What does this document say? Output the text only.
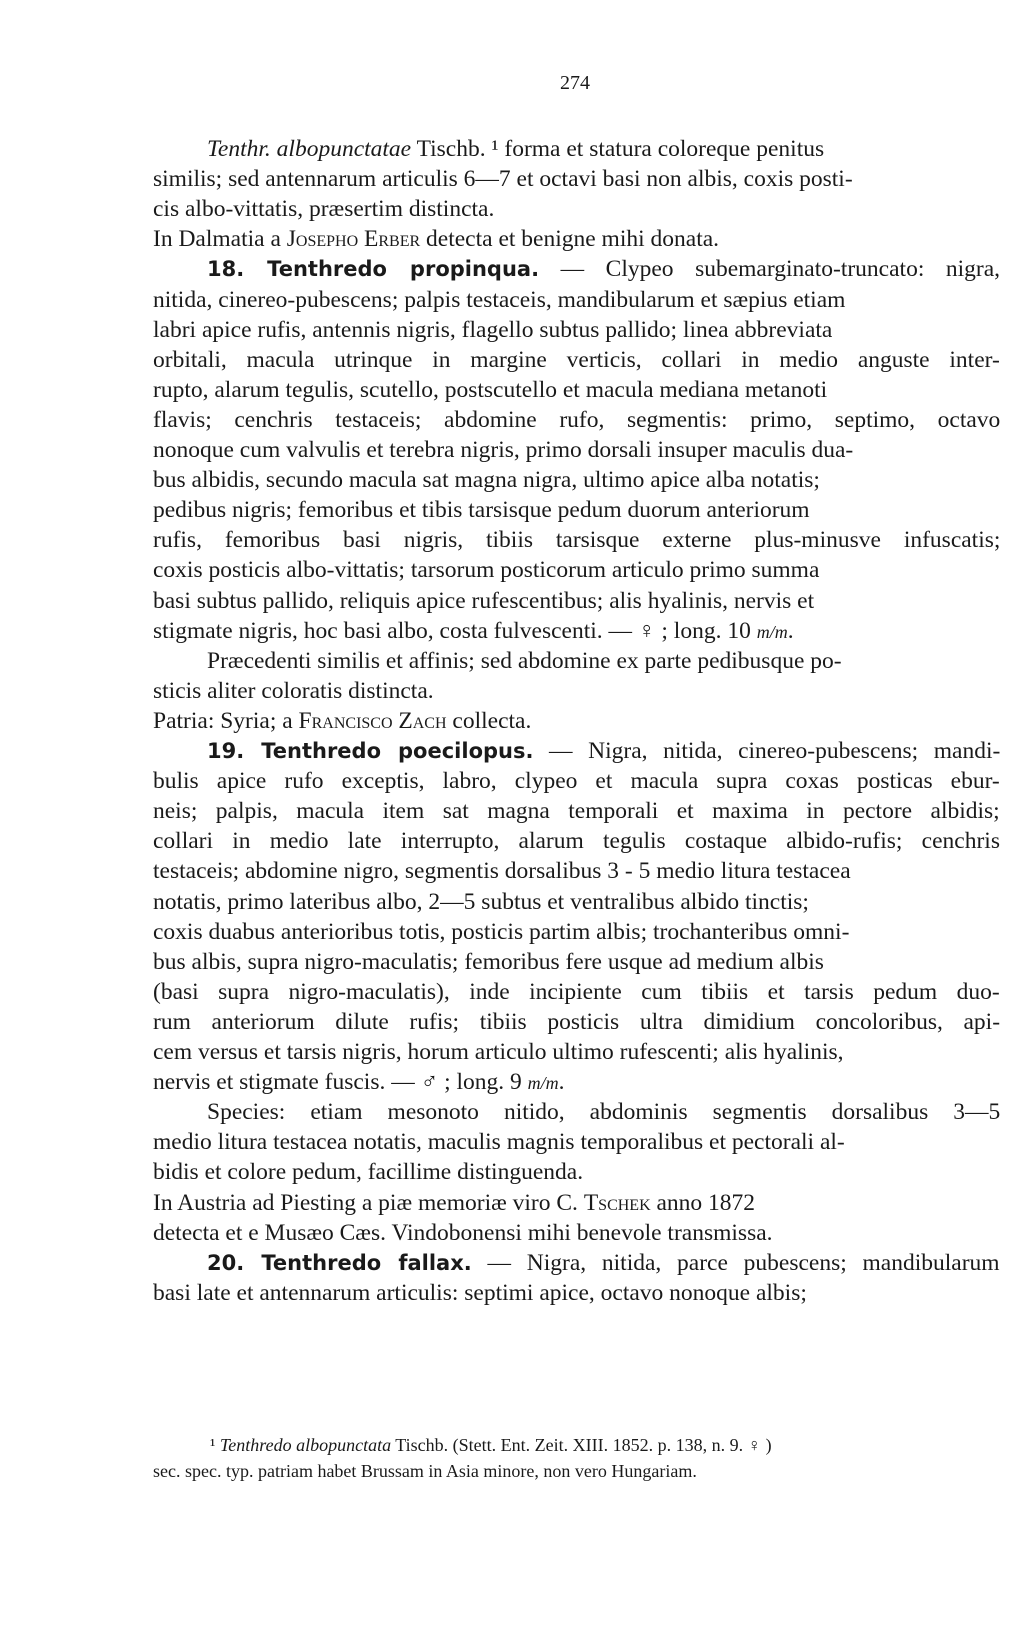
274
Tenthr. albopunctatae Tischb. ¹ forma et statura coloreque penitus
similis; sed antennarum articulis 6—7 et octavi basi non albis, coxis posti-
cis albo-vittatis, præsertim distincta.
In Dalmatia a Josepho Erber detecta et benigne mihi donata.
18. Tenthredo propinqua. — Clypeo subemarginato-truncato: nigra,
nitida, cinereo-pubescens; palpis testaceis, mandibularum et sæpius etiam
labri apice rufis, antennis nigris, flagello subtus pallido; linea abbreviata
orbitali, macula utrinque in margine verticis, collari in medio anguste inter-
rupto, alarum tegulis, scutello, postscutello et macula mediana metanoti
flavis; cenchris testaceis; abdomine rufo, segmentis: primo, septimo, octavo
nonoque cum valvulis et terebra nigris, primo dorsali insuper maculis dua-
bus albidis, secundo macula sat magna nigra, ultimo apice alba notatis;
pedibus nigris; femoribus et tibis tarsisque pedum duorum anteriorum
rufis, femoribus basi nigris, tibiis tarsisque externe plus-minusve infuscatis;
coxis posticis albo-vittatis; tarsorum posticorum articulo primo summa
basi subtus pallido, reliquis apice rufescentibus; alis hyalinis, nervis et
stigmate nigris, hoc basi albo, costa fulvescenti. — ♀ ; long. 10 m/m.
Præcedenti similis et affinis; sed abdomine ex parte pedibusque po-
sticis aliter coloratis distincta.
Patria: Syria; a Francisco Zach collecta.
19. Tenthredo poecilopus. — Nigra, nitida, cinereo-pubescens; mandi-
bulis apice rufo exceptis, labro, clypeo et macula supra coxas posticas ebur-
neis; palpis, macula item sat magna temporali et maxima in pectore albidis;
collari in medio late interrupto, alarum tegulis costaque albido-rufis; cenchris
testaceis; abdomine nigro, segmentis dorsalibus 3 - 5 medio litura testacea
notatis, primo lateribus albo, 2—5 subtus et ventralibus albido tinctis;
coxis duabus anterioribus totis, posticis partim albis; trochanteribus omni-
bus albis, supra nigro-maculatis; femoribus fere usque ad medium albis
(basi supra nigro-maculatis), inde incipiente cum tibiis et tarsis pedum duo-
rum anteriorum dilute rufis; tibiis posticis ultra dimidium concoloribus, api-
cem versus et tarsis nigris, horum articulo ultimo rufescenti; alis hyalinis,
nervis et stigmate fuscis. — ♂ ; long. 9 m/m.
Species: etiam mesonoto nitido, abdominis segmentis dorsalibus 3—5
medio litura testacea notatis, maculis magnis temporalibus et pectorali al-
bidis et colore pedum, facillime distinguenda.
In Austria ad Piesting a piæ memoriæ viro C. Tschek anno 1872
detecta et e Musæo Cæs. Vindobonensi mihi benevole transmissa.
20. Tenthredo fallax. — Nigra, nitida, parce pubescens; mandibularum
basi late et antennarum articulis: septimi apice, octavo nonoque albis;
¹ Tenthredo albopunctata Tischb. (Stett. Ent. Zeit. XIII. 1852. p. 138, n. 9. ♀ )
sec. spec. typ. patriam habet Brussam in Asia minore, non vero Hungariam.
